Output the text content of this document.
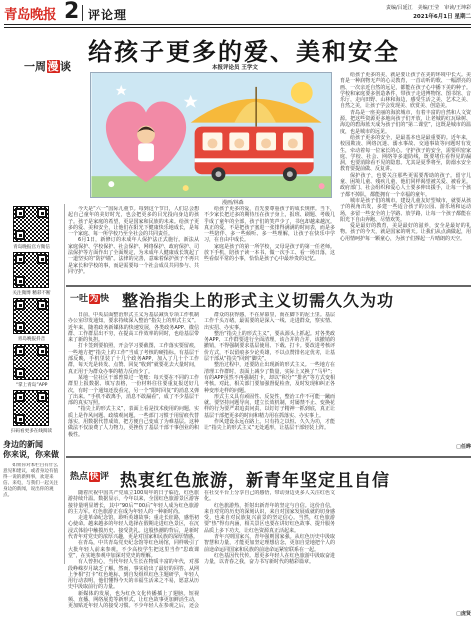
青岛晚报 2 评论理	责编/吕延江　美编/王莹　审读/王坤彩
2021年6月1日 星期二
给孩子更多的爱、美和安全
一周 漫 谈	本报评论员 王学文
漫画/林森

今天是“六一”国际儿童节。每到这个节日，人们总会想起自己童年的美好时光，也会把更多的目光投向身边的孩子。孩子是家庭的希望，更是国家和民族的未来。给孩子更多的爱、美和安全，让他们在阳光下健康快乐地成长，是每一个家庭、每一所学校乃至全社会的共同责任。

6月1日，新修订的未成年人保护法正式施行。新法从家庭保护、学校保护、社会保护、网络保护、政府保护、司法保护等方面作出了全面规定，为未成年人健康成长筑起了一道坚实的“防护墙”。法律的完善，意味着保护孩子不再只是家长和学校的事，而是需要每一个社会成员共同参与、共同守护。

给孩子更多的爱，首先要尊重孩子的成长规律。当下，不少家长把过多的期待压在孩子身上，报班、刷题、考级几乎成了童年的全部，孩子们的笑声少了，书包却越来越沉。真正的爱，不是把孩子塞进一张排得满满的时间表，而是多一些陪伴、多一些倾听、多一些理解，让孩子在快乐中学习，在自由中成长。

家庭是孩子的第一所学校，父母是孩子的第一任老师。放下手机，陪孩子读一本书、做一次手工、看一场日落，这些看似平常的小事，恰恰是孩子心中最珍贵的记忆。

给孩子更多的美，就是要让孩子在美的环境中长大。美育是一种润物无声的心灵教育，一首动听的歌、一幅漂亮的画、一次亲近自然的远足，都能在孩子心中播下美的种子。学校和家庭要多创造条件，带孩子走进博物馆、图书馆、音乐厅，走向田野、山林和海边，感受生活之美、艺术之美、自然之美，让孩子学会发现美、欣赏美、创造美。

青岛是一座美丽的海滨城市，有着丰富的自然和人文资源。把这些资源更多地向孩子们开放，让老城的红瓦绿树、海边的碧海蓝天成为孩子们的“第二课堂”，这既是城市的温度，也是城市的远见。

给孩子更多的安全，是最基本也是最重要的。近年来，校园欺凌、网络沉迷、溺水事故、交通事故等问题时有发生，牵动着每一位家长的心。守护孩子的安全，需要织密家庭、学校、社会、网络等多道防线，既要堵住看得见的漏洞，也要消除看不见的隐患。尤其是夏季将至，防溺水安全教育要提前做、反复讲。

保护孩子，也要关注那些更需要帮助的孩子。留守儿童、困境儿童、残疾儿童，他们同样渴望被关爱、被看见。政府部门、社会组织和爱心人士要多伸出援手，让每一个孩子都不掉队，都能拥有一个幸福的童年。

城市是孩子们的城市。建设儿童友好型城市，就要从孩子的视角出发，多建一些适合孩子的公园、游乐场和运动场，多留一些安全的上学路、放学路，让每一个孩子都能在阳光下自由奔跑、尽情欢笑。

爱是最好的教育，美是最好的滋养，安全是最好的礼物。孩子的今天，就是国家的明天。让我们从点滴做起，用心用情呵护每一颗童心，为孩子们撑起一片晴朗的天空。

一吐 为 快 整治指尖上的形式主义切需久久为功

日前，中央层面整治形式主义为基层减负专项工作机制办公室印发通知，要求持续深入整治“指尖上的形式主义”。近年来，随着政务新媒体的快速发展，各类政务APP、微信群、工作群层出不穷，在提高工作效率的同时，也给基层带来了新的负担。

打卡签到要拍照，开会学习要截图，工作落实要留痕，一些地方把“指尖上的工作”当成了考核的硬指标。有基层干部反映，手机里装了十几个政务APP，加入了几十个工作群，每天光是转发、点赞、回复“收到”就要花去大量时间，真正用于为群众办事的精力反而少了。

某地一位社区干部曾算过一笔账：每天要在不同的工作群里上报数据、填写表格，一份材料往往要重复报送好几次，有时一个通知还没看完，另一个“限时回复”的消息又弹了出来。“手机不敢离手，消息不敢漏看”，成了不少基层干部的真实写照。

“指尖上的形式主义”，表面上看是技术使用的问题，实质上是作风问题、政绩观问题。一些部门习惯于用留痕代替落实，用数据代替成效，把方便自己变成了为难基层。这种做法不仅浪费了人力物力，更挫伤了基层干部干事创业的积极性。

群众的获得感，不在屏幕里，而在脚下的泥土里。基层工作千头万绪，最需要的是深入一线、走进群众，察实情、出实招、办实事。

整治“指尖上的形式主义”，要从源头上抓起。对各类政务APP、工作群要进行全面清理，该合并的合并，该撤销的撤销，不得强制要求基层使用、下载、打卡。要改进考核评价方式，不以留痕多少论英雄，不以点赞排名定优劣，让基层干部从“指尖”回到“脚尖”。

整治过程中，还要防止出现新的形式主义。一些地方在清理工作群时，表面上减少了数量，实际上又换了“马甲”；有的APP虽然不再强制打卡，却以“积分”“排名”等方式变相考核。对此，相关部门要加强督促检查，及时发现和纠正各种变形走样的问题。

形式主义具有顽固性、反复性，整治工作不可能一蹴而就。要坚持问题导向，建立长效机制，对屡禁不止、变换花样的行为要严肃追责问责，以钉钉子精神一抓到底，真正让基层干部把更多的时间和精力用在抓落实、办实事上。

作风建设永远在路上。只有持之以恒、久久为功，才能让“指尖上的形式主义”无处遁形，让基层干部轻装上阵。

□任晔
热点 快 评 热衷红色旅游，新青年坚定且自信

随着庆祝中国共产党成立100周年的日子临近，红色旅游持续升温。数据显示，今年以来，全国红色旅游景区游客接待量明显增长，其中“90后”“00后”年轻人成为红色旅游的主力军。红色旅游正在成为年轻人的一种新时尚。

走进革命纪念馆，聆听英雄故事；重走长征路，感悟初心使命。越来越多的年轻人选择在假期走进红色景区，在沉浸式体验中触摸历史、接受洗礼。这股热潮的背后，是新时代青年对党史的浓厚兴趣，更是对国家和民族的深厚情感。

在青岛，中共青岛党史纪念馆等红色场馆，同样吸引了大批年轻人前来参观。不少高校学生把这里当作“思政课堂”，在实地参观中加深对党史的理解。

有人曾担心，当代年轻人生长在物质丰富的年代，对那段峥嵘岁月缺乏了解。然而，事实给出了最好的回答。从网上争相“打卡”红色地标，到自发组织红色主题研学，年轻人用行动表明，他们懂得今天的幸福生活来之不易，愿意从历史中汲取前行的力量。

新媒体的发展，也为红色文化传播插上了翅膀。短视频、直播、网络展览等新形式，让红色故事更加鲜活生动，更加贴近年轻人的接受习惯。不少年轻人在参观之后，还会在社交平台上分享自己的感悟，带动身边更多人关注红色文化。

红色旅游热，折射出新青年的坚定与自信。这份自信，来自对党的历史的深刻认识，来自对国家发展成就的切身感受，也来自对民族复兴前景的坚定信心。当然，红色旅游要“热”得有内涵，相关景区也要在讲好红色故事、提升服务品质上多下功夫，让红色资源真正活起来。

青年兴则国家兴，青年强则国家强。从红色历史中汲取智慧和力量，才能更加坚定理想信念，更加自觉地把个人的前途命运同国家和民族的前途命运紧密联系在一起。

红色基因代代传。愿更多年轻人在红色旅游中汲取奋进力量，以青春之我，奋力书写新时代的精彩篇章。

□庞贤
青岛晚报官方微信
关注微博 精彩不断
青岛晚报抖音
“掌上青岛”APP
扫码看更多在线阅读
身边的新闻
你来说，你来做

如果你对本栏目有什么意见和建议，或者身边有值得一说的新鲜事，欢迎来信、来电，与我们一起关注身边的新闻，说出你的观点。
